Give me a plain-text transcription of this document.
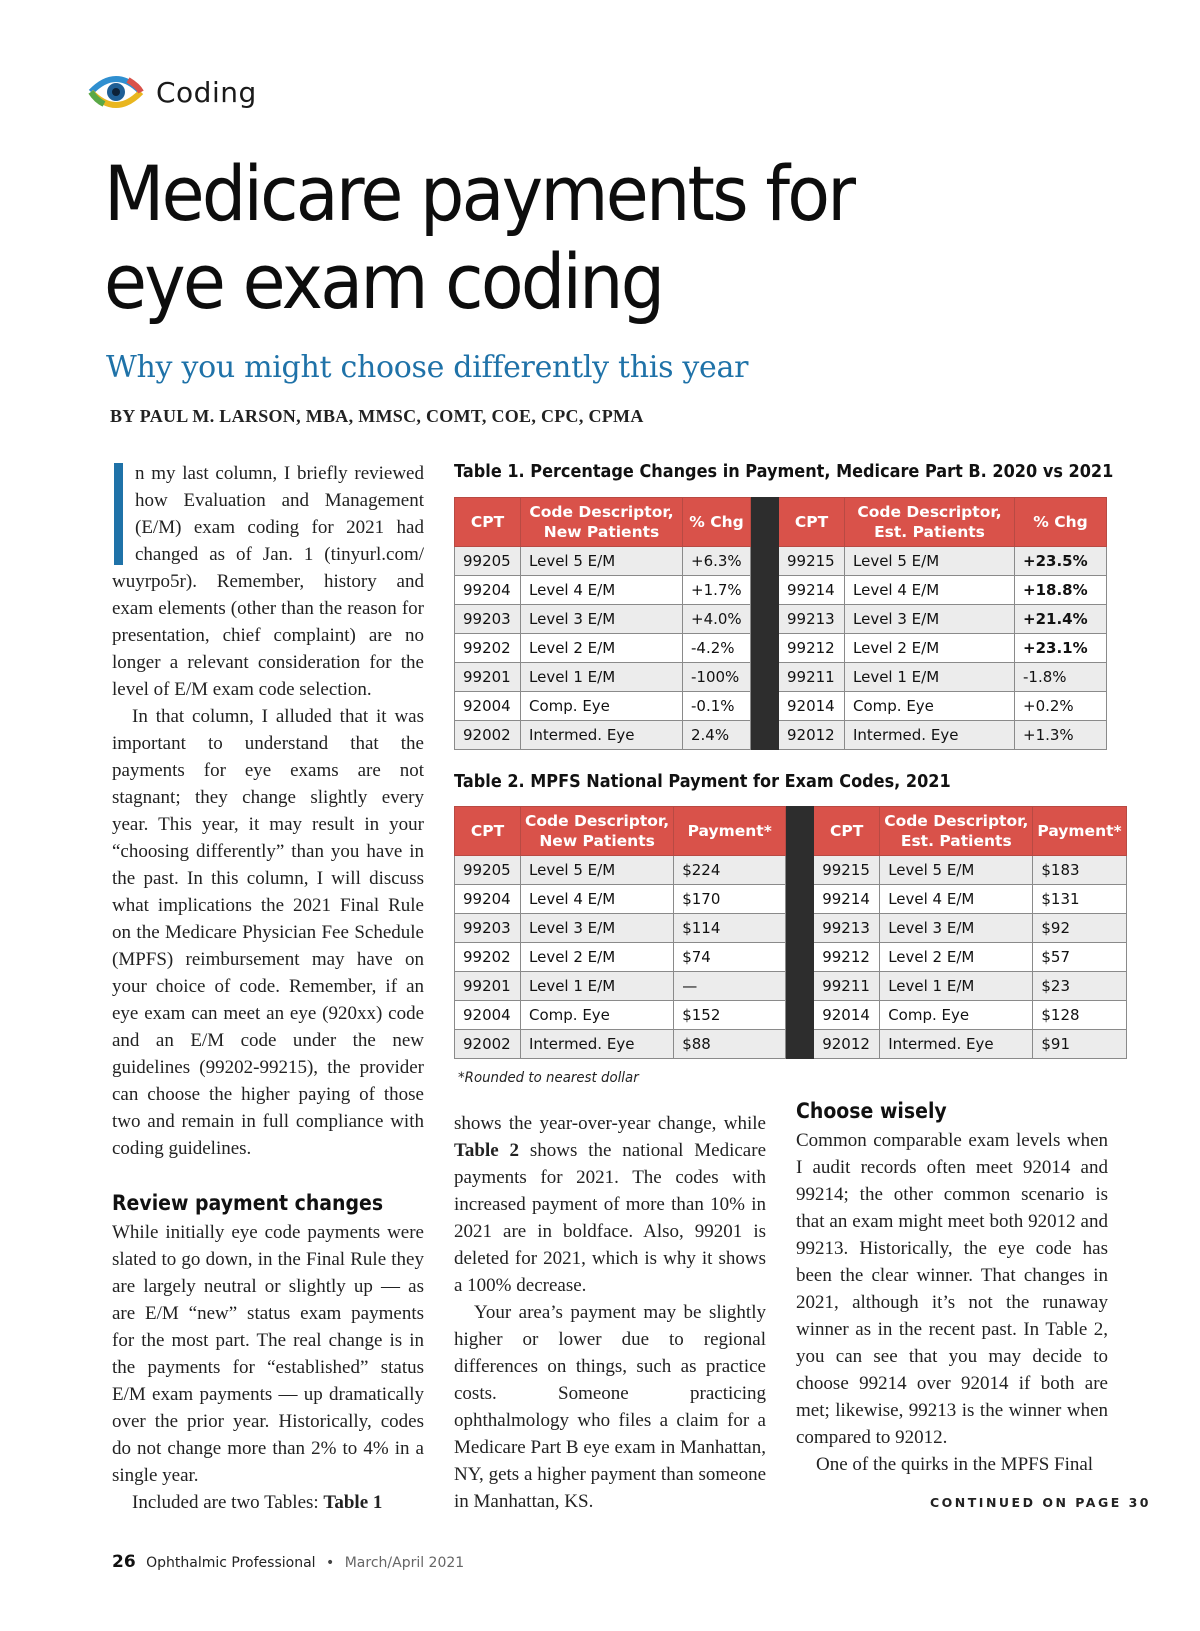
Coding
Medicare payments for
eye exam coding
Why you might choose differently this year
BY PAUL M. LARSON, MBA, MMSC, COMT, COE, CPC, CPMA

n my last column, I briefly reviewed how Evaluation and Management (E/M) exam coding for 2021 had changed as of Jan. 1 (tinyurl.com/ wuyrpo5r). Remember, history and exam elements (other than the reason for presentation, chief complaint) are no longer a relevant consideration for the level of E/M exam code selection.

In that column, I alluded that it was important to understand that the payments for eye exams are not stagnant; they change slightly every year. This year, it may result in your “choosing differently” than you have in the past. In this column, I will discuss what implications the 2021 Final Rule on the Medicare Physician Fee Schedule (MPFS) reimbursement may have on your choice of code. Remember, if an eye exam can meet an eye (920xx) code and an E/M code under the new guidelines (99202-99215), the provider can choose the higher paying of those two and remain in full compliance with coding guidelines.

Review payment changes

While initially eye code payments were slated to go down, in the Final Rule they are largely neutral or slightly up — as are E/M “new” status exam payments for the most part. The real change is in the payments for “established” status E/M exam payments — up dramatically over the prior year. Historically, codes do not change more than 2% to 4% in a single year.

Included are two Tables: Table 1

Table 1. Percentage Changes in Payment, Medicare Part B. 2020 vs 2021
CPT	Code Descriptor,
New Patients	% Chg		CPT	Code Descriptor,
Est. Patients	% Chg
99205	Level 5 E/M	+6.3%		99215	Level 5 E/M	+23.5%
99204	Level 4 E/M	+1.7%		99214	Level 4 E/M	+18.8%
99203	Level 3 E/M	+4.0%		99213	Level 3 E/M	+21.4%
99202	Level 2 E/M	-4.2%		99212	Level 2 E/M	+23.1%
99201	Level 1 E/M	-100%		99211	Level 1 E/M	-1.8%
92004	Comp. Eye	-0.1%		92014	Comp. Eye	+0.2%
92002	Intermed. Eye	2.4%		92012	Intermed. Eye	+1.3%
Table 2. MPFS National Payment for Exam Codes, 2021
CPT	Code Descriptor,
New Patients	Payment*		CPT	Code Descriptor,
Est. Patients	Payment*
99205	Level 5 E/M	$224		99215	Level 5 E/M	$183
99204	Level 4 E/M	$170		99214	Level 4 E/M	$131
99203	Level 3 E/M	$114		99213	Level 3 E/M	$92
99202	Level 2 E/M	$74		99212	Level 2 E/M	$57
99201	Level 1 E/M	—		99211	Level 1 E/M	$23
92004	Comp. Eye	$152		92014	Comp. Eye	$128
92002	Intermed. Eye	$88		92012	Intermed. Eye	$91
*Rounded to nearest dollar

shows the year-over-year change, while Table 2 shows the national Medicare payments for 2021. The codes with increased payment of more than 10% in 2021 are in boldface. Also, 99201 is deleted for 2021, which is why it shows a 100% decrease.

Your area’s payment may be slightly higher or lower due to regional differences on things, such as practice costs. Someone practicing ophthalmology who files a claim for a Medicare Part B eye exam in Manhattan, NY, gets a higher payment than someone in Manhattan, KS.

Choose wisely

Common comparable exam levels when I audit records often meet 92014 and 99214; the other common scenario is that an exam might meet both 92012 and 99213. Historically, the eye code has been the clear winner. That changes in 2021, although it’s not the runaway winner as in the recent past. In Table 2, you can see that you may decide to choose 99214 over 92014 if both are met; likewise, 99213 is the winner when compared to 92012.

One of the quirks in the MPFS Final

CONTINUED ON PAGE 30
26 Ophthalmic Professional • March/April 2021
